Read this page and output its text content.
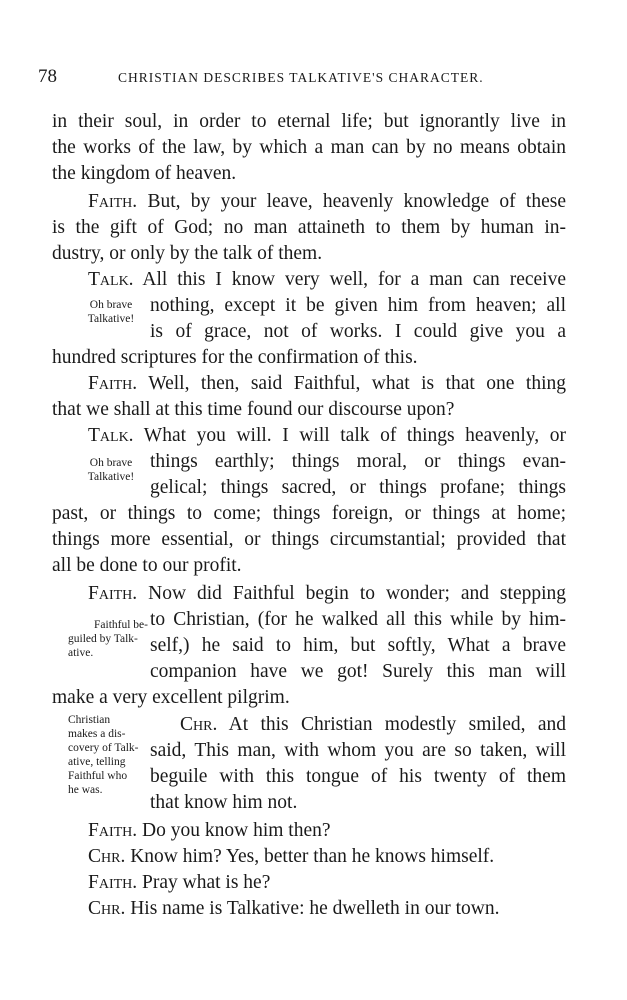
78	CHRISTIAN DESCRIBES TALKATIVE'S CHARACTER.
in their soul, in order to eternal life; but ignorantly live in
the works of the law, by which a man can by no means obtain
the kingdom of heaven.
Faith. But, by your leave, heavenly knowledge of these
is the gift of God; no man attaineth to them by human in-
dustry, or only by the talk of them.
Talk. All this I know very well, for a man can receive
nothing, except it be given him from heaven; all
is of grace, not of works. I could give you a
hundred scriptures for the confirmation of this.
Faith. Well, then, said Faithful, what is that one thing
that we shall at this time found our discourse upon?
Talk. What you will. I will talk of things heavenly, or
things earthly; things moral, or things evan-
gelical; things sacred, or things profane; things
past, or things to come; things foreign, or things at home;
things more essential, or things circumstantial; provided that
all be done to our profit.
Faith. Now did Faithful begin to wonder; and stepping
to Christian, (for he walked all this while by him-
self,) he said to him, but softly, What a brave
companion have we got! Surely this man will
make a very excellent pilgrim.
Chr. At this Christian modestly smiled, and
said, This man, with whom you are so taken, will
beguile with this tongue of his twenty of them
that know him not.
Faith. Do you know him then?
Chr. Know him? Yes, better than he knows himself.
Faith. Pray what is he?
Chr. His name is Talkative: he dwelleth in our town.
Oh brave
Talkative!
Oh brave
Talkative!
Faithful be-
guiled by Talk-
ative.
Christian
makes a dis-
covery of Talk-
ative, telling
Faithful who
he was.
